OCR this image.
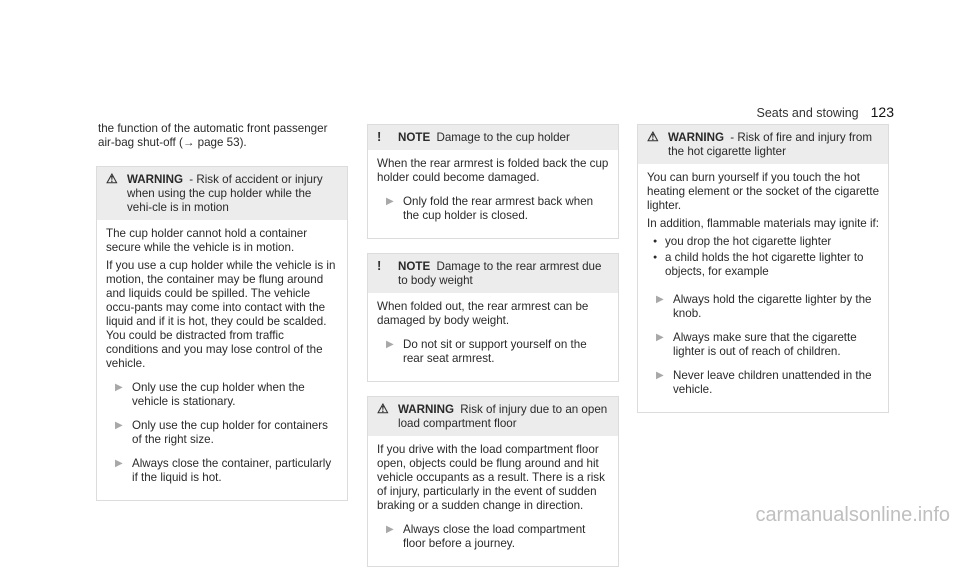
Seats and stowing 123
the function of the automatic front passenger air-bag shut-off (→ page 53).
⚠ WARNING - Risk of accident or injury when using the cup holder while the vehi-cle is in motion

The cup holder cannot hold a container secure while the vehicle is in motion.

If you use a cup holder while the vehicle is in motion, the container may be flung around and liquids could be spilled. The vehicle occu-pants may come into contact with the liquid and if it is hot, they could be scalded. You could be distracted from traffic conditions and you may lose control of the vehicle.

▶ Only use the cup holder when the vehicle is stationary.
▶ Only use the cup holder for containers of the right size.
▶ Always close the container, particularly if the liquid is hot.
! NOTE Damage to the cup holder

When the rear armrest is folded back the cup holder could become damaged.

▶ Only fold the rear armrest back when the cup holder is closed.
! NOTE Damage to the rear armrest due to body weight

When folded out, the rear armrest can be damaged by body weight.

▶ Do not sit or support yourself on the rear seat armrest.
⚠ WARNING Risk of injury due to an open load compartment floor

If you drive with the load compartment floor open, objects could be flung around and hit vehicle occupants as a result. There is a risk of injury, particularly in the event of sudden braking or a sudden change in direction.

▶ Always close the load compartment floor before a journey.
⚠ WARNING - Risk of fire and injury from the hot cigarette lighter

You can burn yourself if you touch the hot heating element or the socket of the cigarette lighter.

In addition, flammable materials may ignite if:

● you drop the hot cigarette lighter
● a child holds the hot cigarette lighter to objects, for example
▶ Always hold the cigarette lighter by the knob.
▶ Always make sure that the cigarette lighter is out of reach of children.
▶ Never leave children unattended in the vehicle.
carmanualsonline.info
